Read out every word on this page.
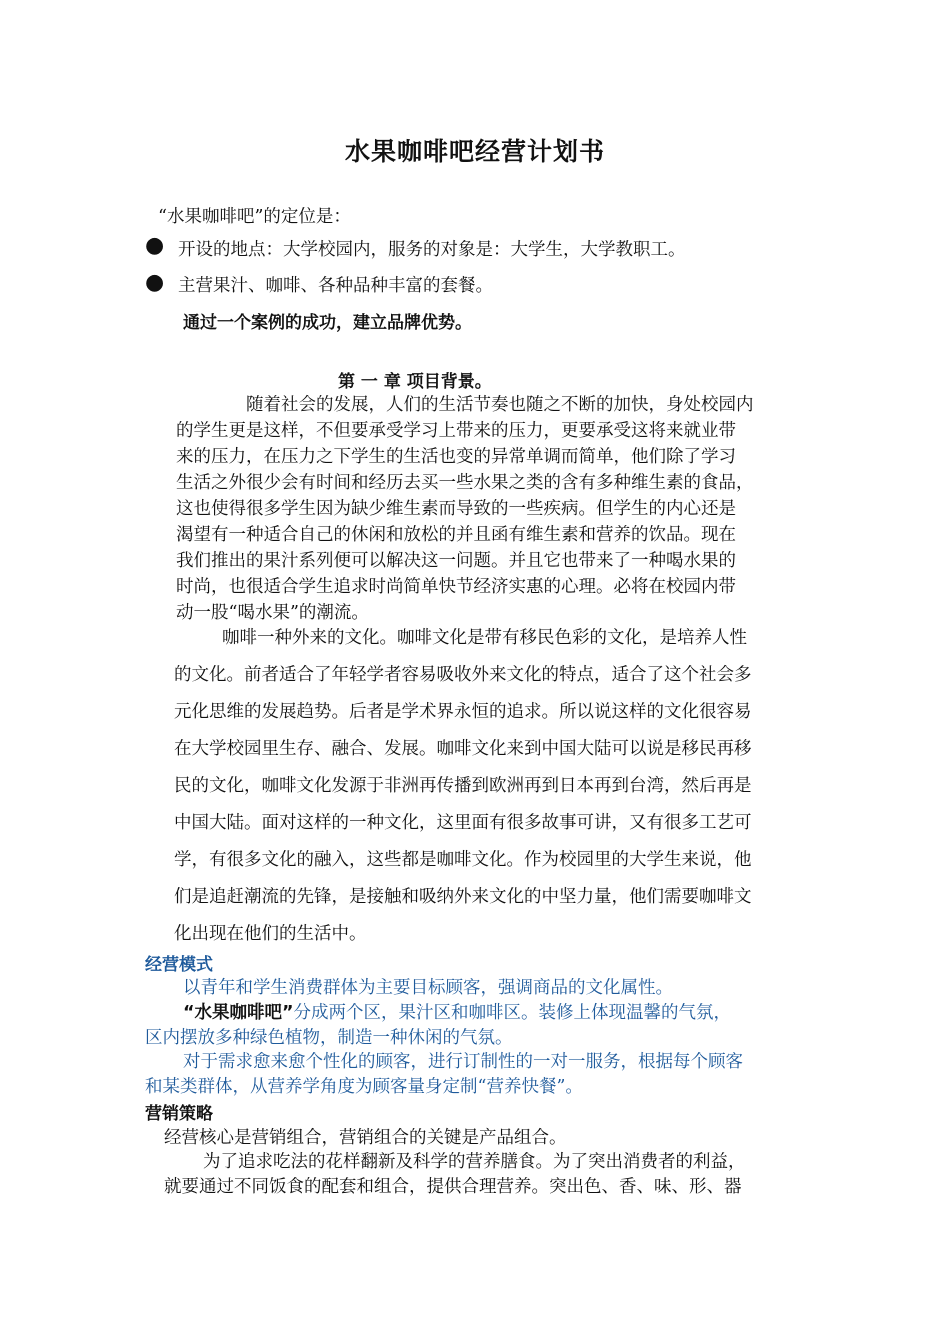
水果咖啡吧经营计划书
“水果咖啡吧”的定位是：
● 开设的地点：大学校园内，服务的对象是：大学生，大学教职工。
● 主营果汁、咖啡、各种品种丰富的套餐。
通过一个案例的成功，建立品牌优势。
第 一 章 项目背景。
随着社会的发展，人们的生活节奏也随之不断的加快，身处校园内
的学生更是这样，不但要承受学习上带来的压力，更要承受这将来就业带
来的压力，在压力之下学生的生活也变的异常单调而简单，他们除了学习
生活之外很少会有时间和经历去买一些水果之类的含有多种维生素的食品，
这也使得很多学生因为缺少维生素而导致的一些疾病。但学生的内心还是
渴望有一种适合自己的休闲和放松的并且函有维生素和营养的饮品。现在
我们推出的果汁系列便可以解决这一问题。并且它也带来了一种喝水果的
时尚，也很适合学生追求时尚简单快节经济实惠的心理。必将在校园内带
动一股“喝水果”的潮流。
咖啡一种外来的文化。咖啡文化是带有移民色彩的文化，是培养人性
的文化。前者适合了年轻学者容易吸收外来文化的特点，适合了这个社会多
元化思维的发展趋势。后者是学术界永恒的追求。所以说这样的文化很容易
在大学校园里生存、融合、发展。咖啡文化来到中国大陆可以说是移民再移
民的文化，咖啡文化发源于非洲再传播到欧洲再到日本再到台湾，然后再是
中国大陆。面对这样的一种文化，这里面有很多故事可讲，又有很多工艺可
学，有很多文化的融入，这些都是咖啡文化。作为校园里的大学生来说，他
们是追赶潮流的先锋，是接触和吸纳外来文化的中坚力量，他们需要咖啡文
化出现在他们的生活中。
经营模式
以青年和学生消费群体为主要目标顾客，强调商品的文化属性。
“水果咖啡吧”分成两个区，果汁区和咖啡区。装修上体现温馨的气氛，
区内摆放多种绿色植物，制造一种休闲的气氛。
对于需求愈来愈个性化的顾客，进行订制性的一对一服务，根据每个顾客
和某类群体，从营养学角度为顾客量身定制“营养快餐”。
营销策略
经营核心是营销组合，营销组合的关键是产品组合。
为了追求吃法的花样翻新及科学的营养膳食。为了突出消费者的利益，
就要通过不同饭食的配套和组合，提供合理营养。突出色、香、味、形、器
